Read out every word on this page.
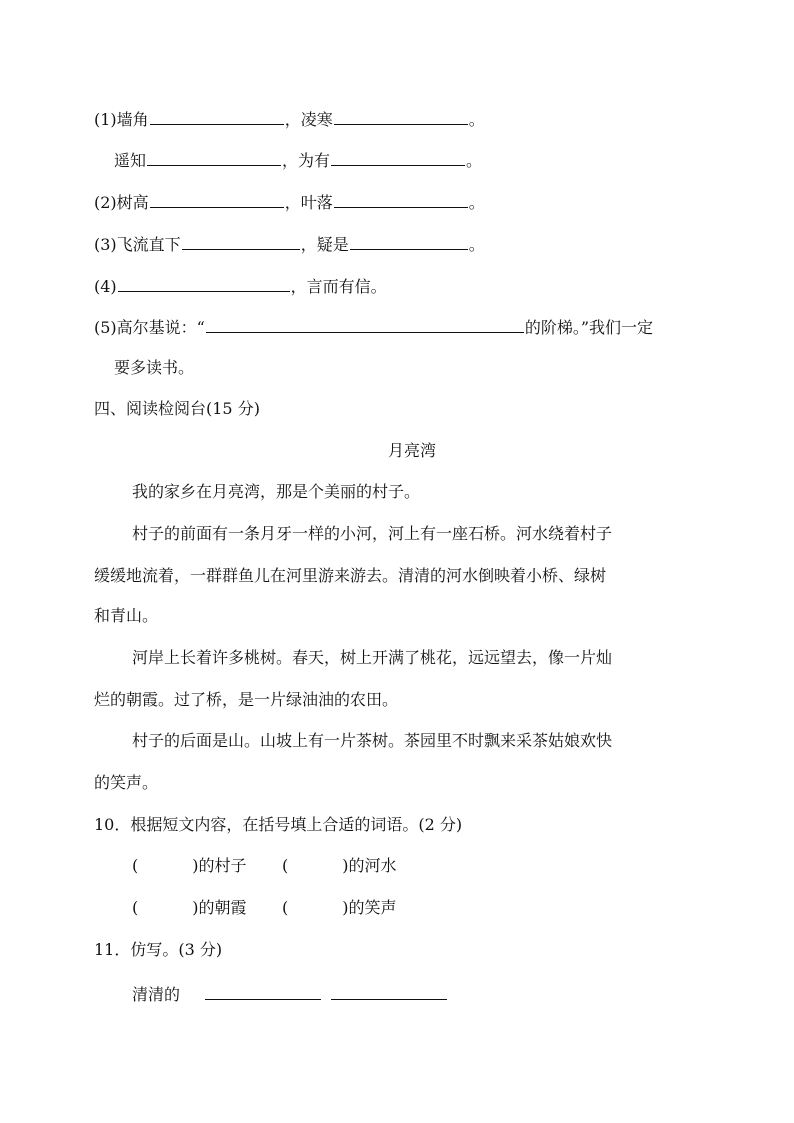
(1)墙角	，凌寒	。
遥知	，为有	。
(2)树高	，叶落	。
(3)飞流直下	，疑是	。
(4)	，言而有信。
(5)高尔基说：“	的阶梯。”我们一定
要多读书。
四、阅读检阅台(15 分)
月亮湾
我的家乡在月亮湾，那是个美丽的村子。
村子的前面有一条月牙一样的小河，河上有一座石桥。河水绕着村子
缓缓地流着，一群群鱼儿在河里游来游去。清清的河水倒映着小桥、绿树
和青山。
河岸上长着许多桃树。春天，树上开满了桃花，远远望去，像一片灿
烂的朝霞。过了桥，是一片绿油油的农田。
村子的后面是山。山坡上有一片茶树。茶园里不时飘来采茶姑娘欢快
的笑声。
10．根据短文内容，在括号填上合适的词语。(2 分)
(	)的村子 (	)的河水
(	)的朝霞 (	)的笑声
11．仿写。(3 分)
清清的
